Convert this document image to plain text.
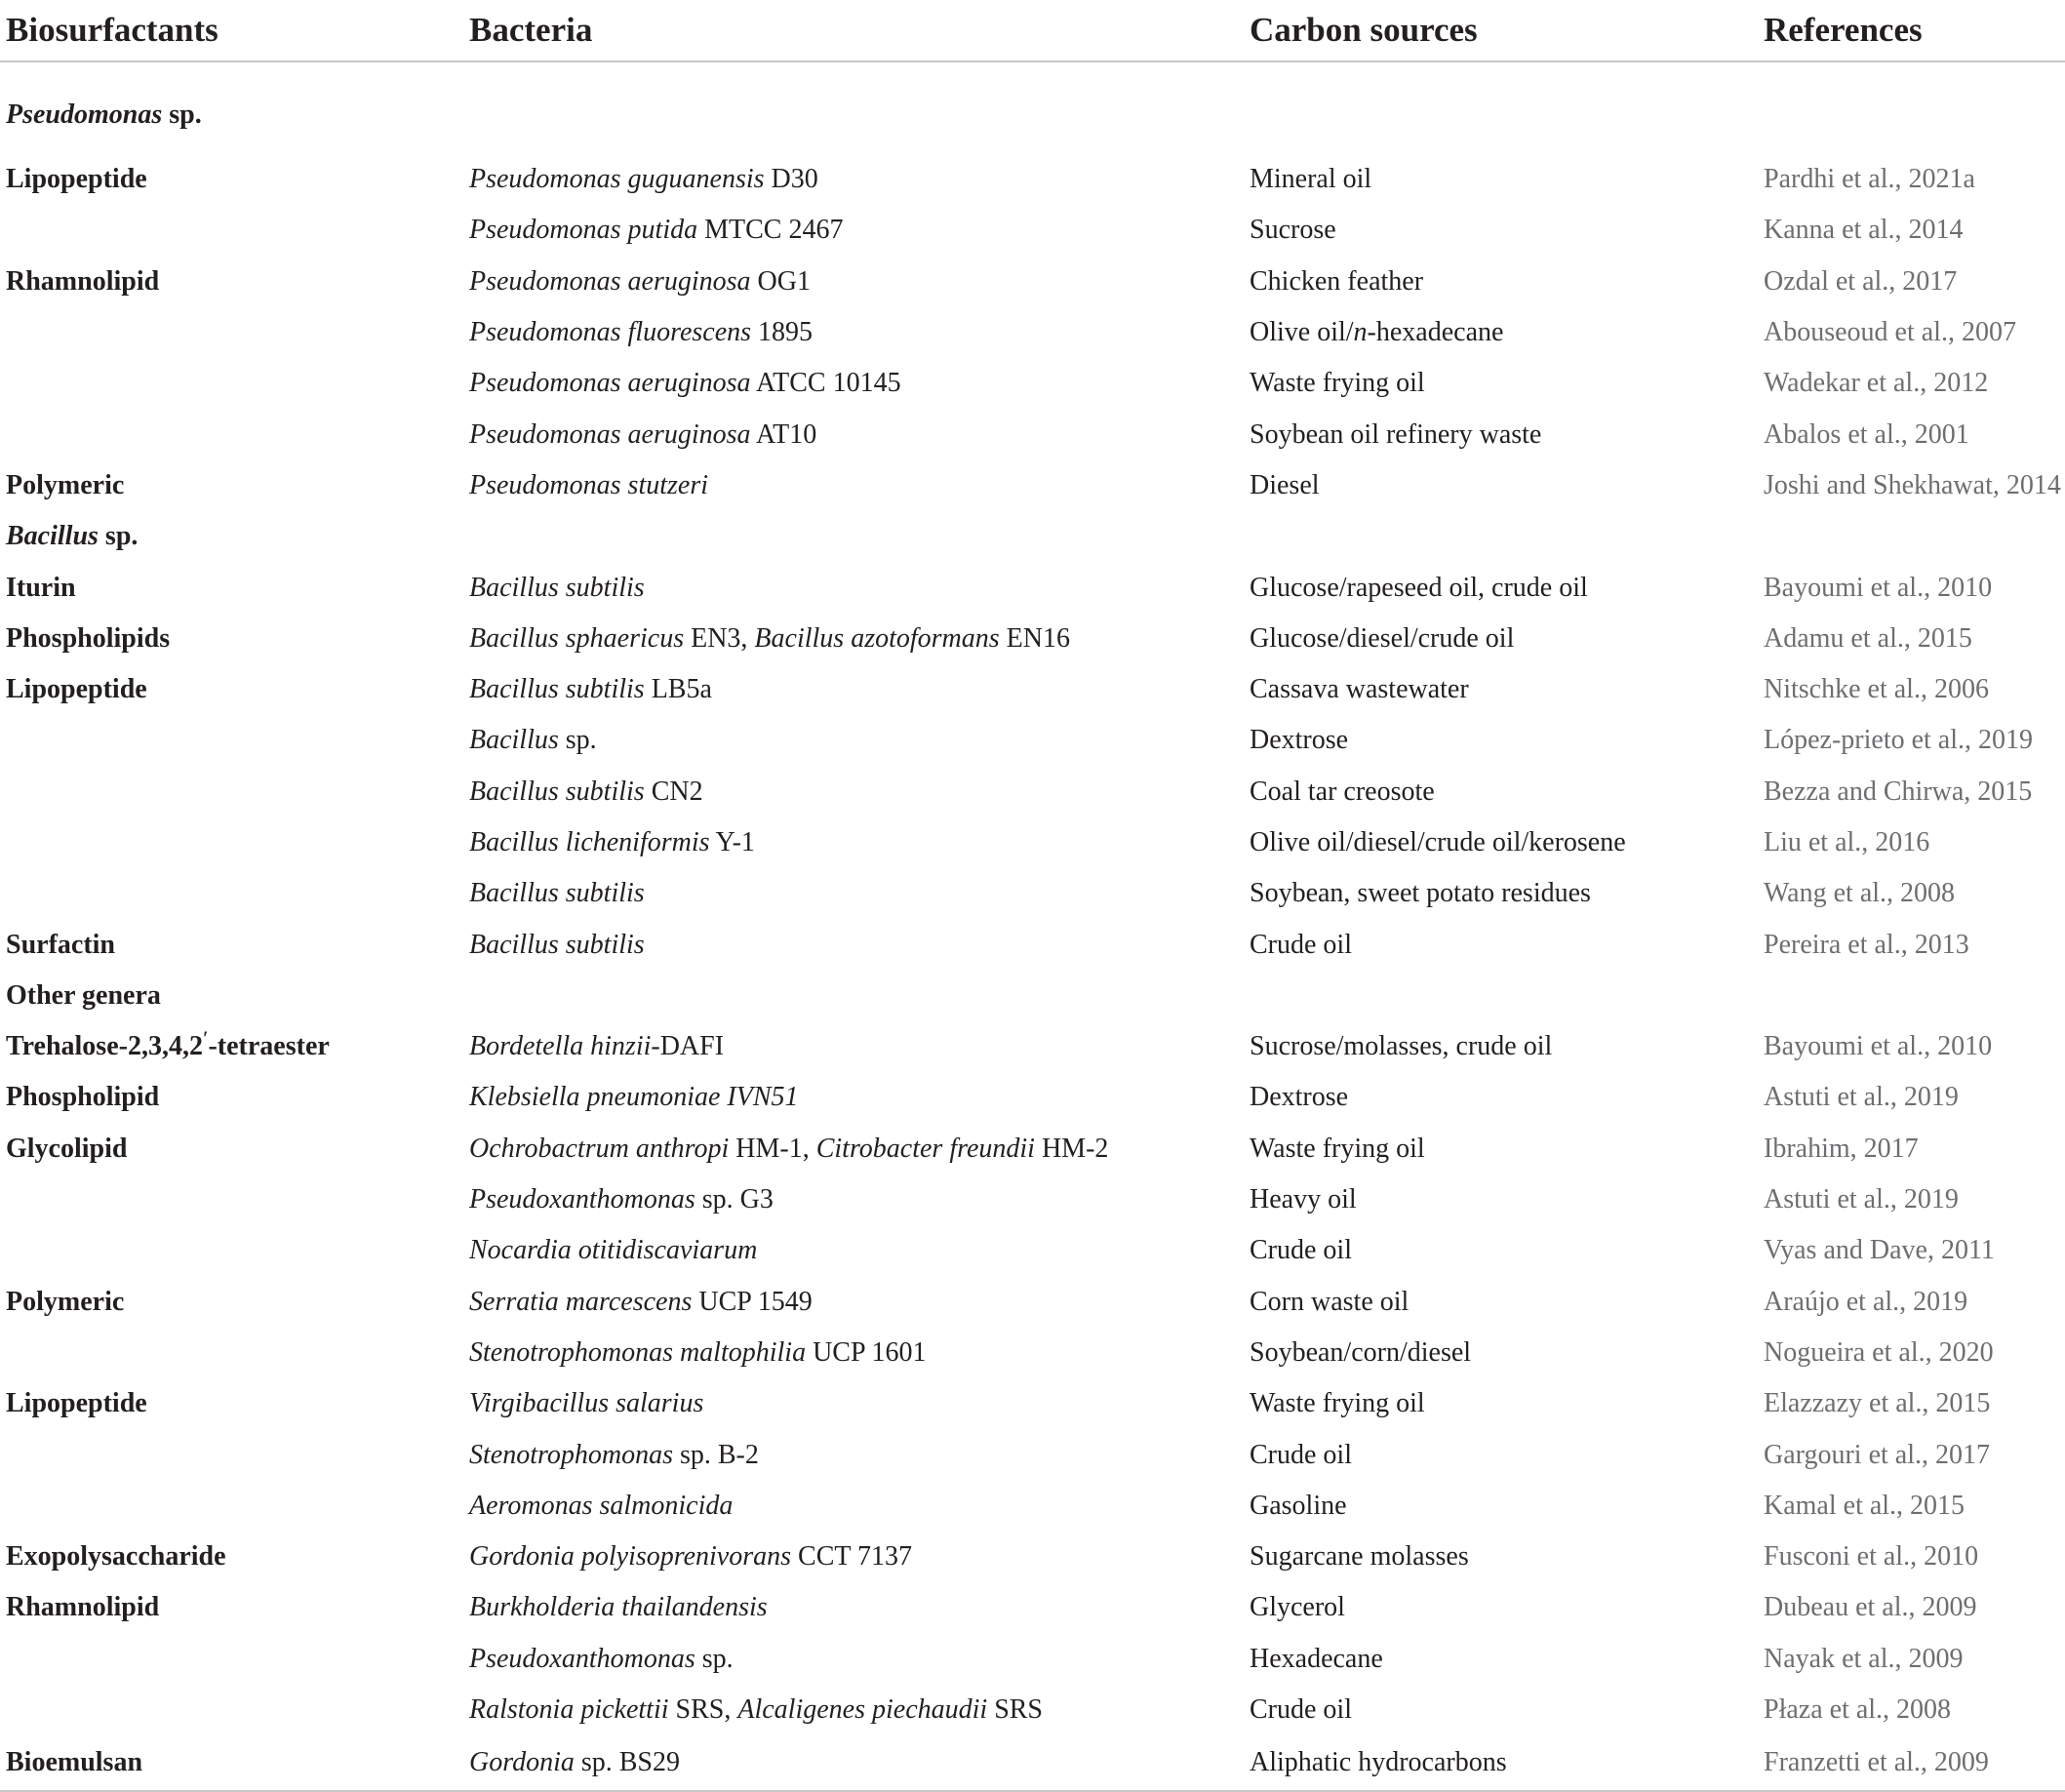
Biosurfactants	Bacteria	Carbon sources	References
Pseudomonas sp.			
Lipopeptide	Pseudomonas guguanensis D30	Mineral oil	Pardhi et al., 2021a
	Pseudomonas putida MTCC 2467	Sucrose	Kanna et al., 2014
Rhamnolipid	Pseudomonas aeruginosa OG1	Chicken feather	Ozdal et al., 2017
	Pseudomonas fluorescens 1895	Olive oil/n-hexadecane	Abouseoud et al., 2007
	Pseudomonas aeruginosa ATCC 10145	Waste frying oil	Wadekar et al., 2012
	Pseudomonas aeruginosa AT10	Soybean oil refinery waste	Abalos et al., 2001
Polymeric	Pseudomonas stutzeri	Diesel	Joshi and Shekhawat, 2014
Bacillus sp.			
Iturin	Bacillus subtilis	Glucose/rapeseed oil, crude oil	Bayoumi et al., 2010
Phospholipids	Bacillus sphaericus EN3, Bacillus azotoformans EN16	Glucose/diesel/crude oil	Adamu et al., 2015
Lipopeptide	Bacillus subtilis LB5a	Cassava wastewater	Nitschke et al., 2006
	Bacillus sp.	Dextrose	López-prieto et al., 2019
	Bacillus subtilis CN2	Coal tar creosote	Bezza and Chirwa, 2015
	Bacillus licheniformis Y-1	Olive oil/diesel/crude oil/kerosene	Liu et al., 2016
	Bacillus subtilis	Soybean, sweet potato residues	Wang et al., 2008
Surfactin	Bacillus subtilis	Crude oil	Pereira et al., 2013
Other genera			
Trehalose-2,3,4,2′-tetraester	Bordetella hinzii-DAFI	Sucrose/molasses, crude oil	Bayoumi et al., 2010
Phospholipid	Klebsiella pneumoniae IVN51	Dextrose	Astuti et al., 2019
Glycolipid	Ochrobactrum anthropi HM-1, Citrobacter freundii HM-2	Waste frying oil	Ibrahim, 2017
	Pseudoxanthomonas sp. G3	Heavy oil	Astuti et al., 2019
	Nocardia otitidiscaviarum	Crude oil	Vyas and Dave, 2011
Polymeric	Serratia marcescens UCP 1549	Corn waste oil	Araújo et al., 2019
	Stenotrophomonas maltophilia UCP 1601	Soybean/corn/diesel	Nogueira et al., 2020
Lipopeptide	Virgibacillus salarius	Waste frying oil	Elazzazy et al., 2015
	Stenotrophomonas sp. B-2	Crude oil	Gargouri et al., 2017
	Aeromonas salmonicida	Gasoline	Kamal et al., 2015
Exopolysaccharide	Gordonia polyisoprenivorans CCT 7137	Sugarcane molasses	Fusconi et al., 2010
Rhamnolipid	Burkholderia thailandensis	Glycerol	Dubeau et al., 2009
	Pseudoxanthomonas sp.	Hexadecane	Nayak et al., 2009
	Ralstonia pickettii SRS, Alcaligenes piechaudii SRS	Crude oil	Płaza et al., 2008
Bioemulsan	Gordonia sp. BS29	Aliphatic hydrocarbons	Franzetti et al., 2009
